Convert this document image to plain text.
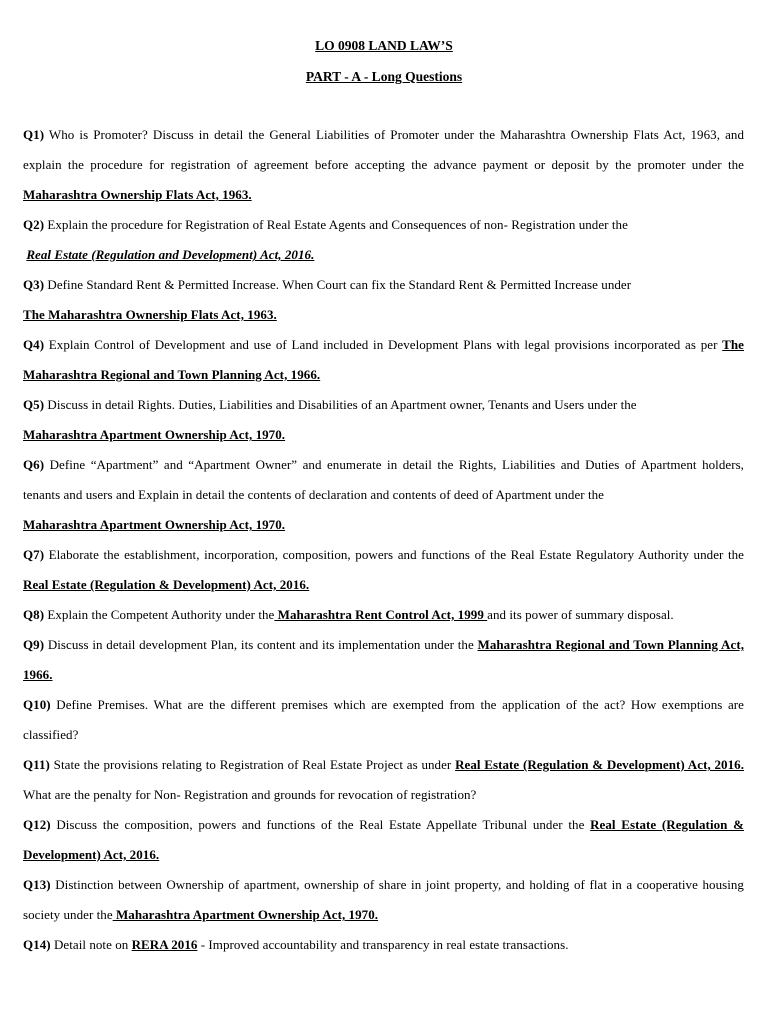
LO 0908 LAND LAW’S
PART - A - Long Questions

Q1) Who is Promoter? Discuss in detail the General Liabilities of Promoter under the Maharashtra Ownership Flats Act, 1963, and explain the procedure for registration of agreement before accepting the advance payment or deposit by the promoter under the Maharashtra Ownership Flats Act, 1963.

Q2) Explain the procedure for Registration of Real Estate Agents and Consequences of non- Registration under the
Real Estate (Regulation and Development) Act, 2016.

Q3) Define Standard Rent & Permitted Increase. When Court can fix the Standard Rent & Permitted Increase under
The Maharashtra Ownership Flats Act, 1963.

Q4) Explain Control of Development and use of Land included in Development Plans with legal provisions incorporated as per The Maharashtra Regional and Town Planning Act, 1966.

Q5) Discuss in detail Rights. Duties, Liabilities and Disabilities of an Apartment owner, Tenants and Users under the
Maharashtra Apartment Ownership Act, 1970.

Q6) Define “Apartment” and “Apartment Owner” and enumerate in detail the Rights, Liabilities and Duties of Apartment holders, tenants and users and Explain in detail the contents of declaration and contents of deed of Apartment under the
Maharashtra Apartment Ownership Act, 1970.

Q7) Elaborate the establishment, incorporation, composition, powers and functions of the Real Estate Regulatory Authority under the Real Estate (Regulation & Development) Act, 2016.

Q8) Explain the Competent Authority under the Maharashtra Rent Control Act, 1999 and its power of summary disposal.

Q9) Discuss in detail development Plan, its content and its implementation under the Maharashtra Regional and Town Planning Act, 1966.

Q10) Define Premises. What are the different premises which are exempted from the application of the act? How exemptions are classified?

Q11) State the provisions relating to Registration of Real Estate Project as under Real Estate (Regulation & Development) Act, 2016. What are the penalty for Non- Registration and grounds for revocation of registration?

Q12) Discuss the composition, powers and functions of the Real Estate Appellate Tribunal under the Real Estate (Regulation & Development) Act, 2016.

Q13) Distinction between Ownership of apartment, ownership of share in joint property, and holding of flat in a cooperative housing society under the Maharashtra Apartment Ownership Act, 1970.

Q14) Detail note on RERA 2016 - Improved accountability and transparency in real estate transactions.
